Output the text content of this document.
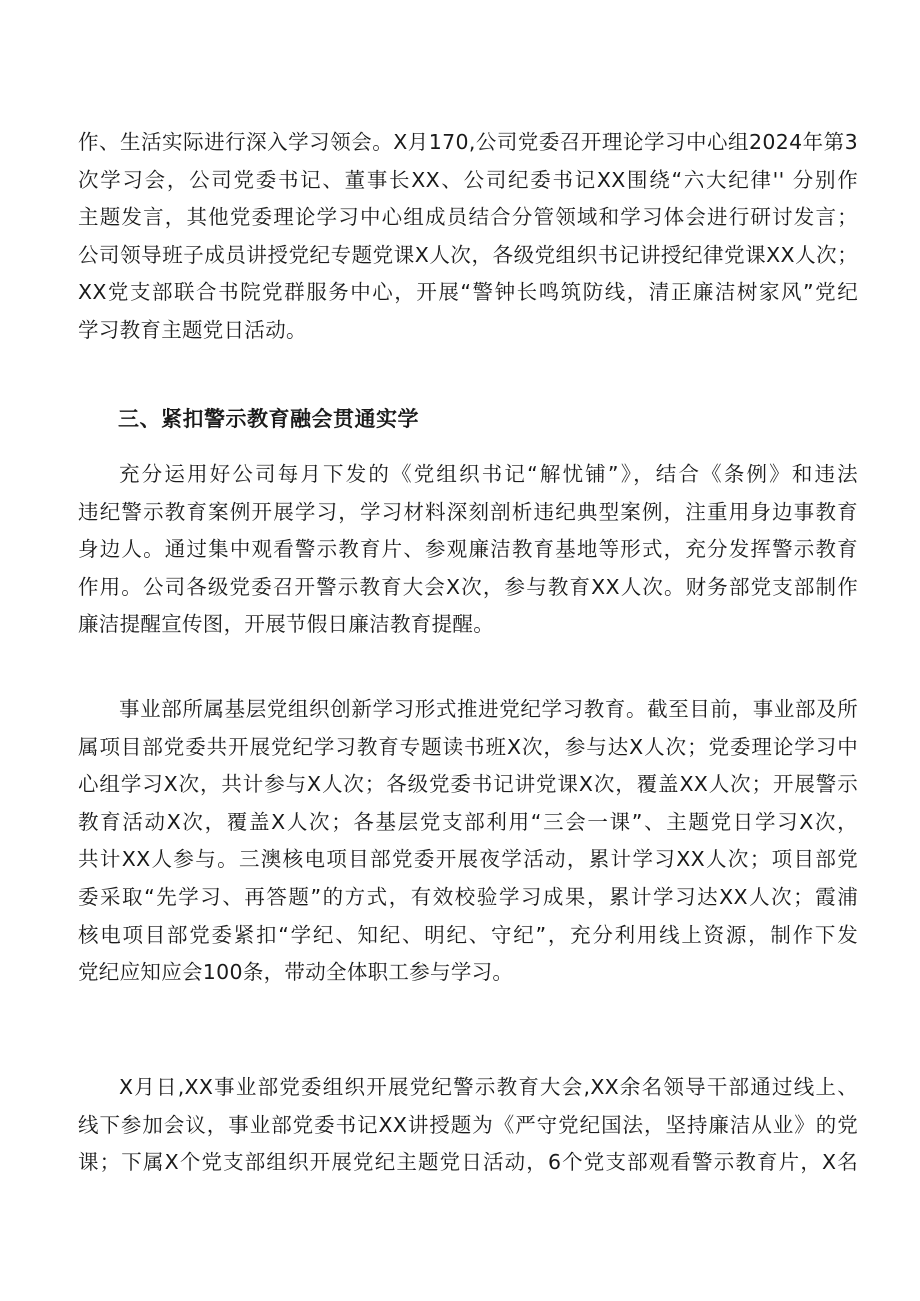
作、生活实际进行深入学习领会。X月170,公司党委召开理论学习中心组2024年第3
次学习会，公司党委书记、董事长XX、公司纪委书记XX围绕“六大纪律'' 分别作
主题发言，其他党委理论学习中心组成员结合分管领域和学习体会进行研讨发言；
公司领导班子成员讲授党纪专题党课X人次，各级党组织书记讲授纪律党课XX人次；
XX党支部联合书院党群服务中心，开展“警钟长鸣筑防线，清正廉洁树家风”党纪
学习教育主题党日活动。
三、紧扣警示教育融会贯通实学
充分运用好公司每月下发的《党组织书记“解忧铺”》，结合《条例》和违法
违纪警示教育案例开展学习，学习材料深刻剖析违纪典型案例，注重用身边事教育
身边人。通过集中观看警示教育片、参观廉洁教育基地等形式，充分发挥警示教育
作用。公司各级党委召开警示教育大会X次，参与教育XX人次。财务部党支部制作
廉洁提醒宣传图，开展节假日廉洁教育提醒。
事业部所属基层党组织创新学习形式推进党纪学习教育。截至目前，事业部及所
属项目部党委共开展党纪学习教育专题读书班X次，参与达X人次；党委理论学习中
心组学习X次，共计参与X人次；各级党委书记讲党课X次，覆盖XX人次；开展警示
教育活动X次，覆盖X人次；各基层党支部利用“三会一课”、主题党日学习X次，
共计XX人参与。三澳核电项目部党委开展夜学活动，累计学习XX人次；项目部党
委采取“先学习、再答题”的方式，有效校验学习成果，累计学习达XX人次；霞浦
核电项目部党委紧扣“学纪、知纪、明纪、守纪”，充分利用线上资源，制作下发
党纪应知应会100条，带动全体职工参与学习。
X月日,XX事业部党委组织开展党纪警示教育大会,XX余名领导干部通过线上、
线下参加会议，事业部党委书记XX讲授题为《严守党纪国法，坚持廉洁从业》的党
课；下属X个党支部组织开展党纪主题党日活动，6个党支部观看警示教育片，X名
